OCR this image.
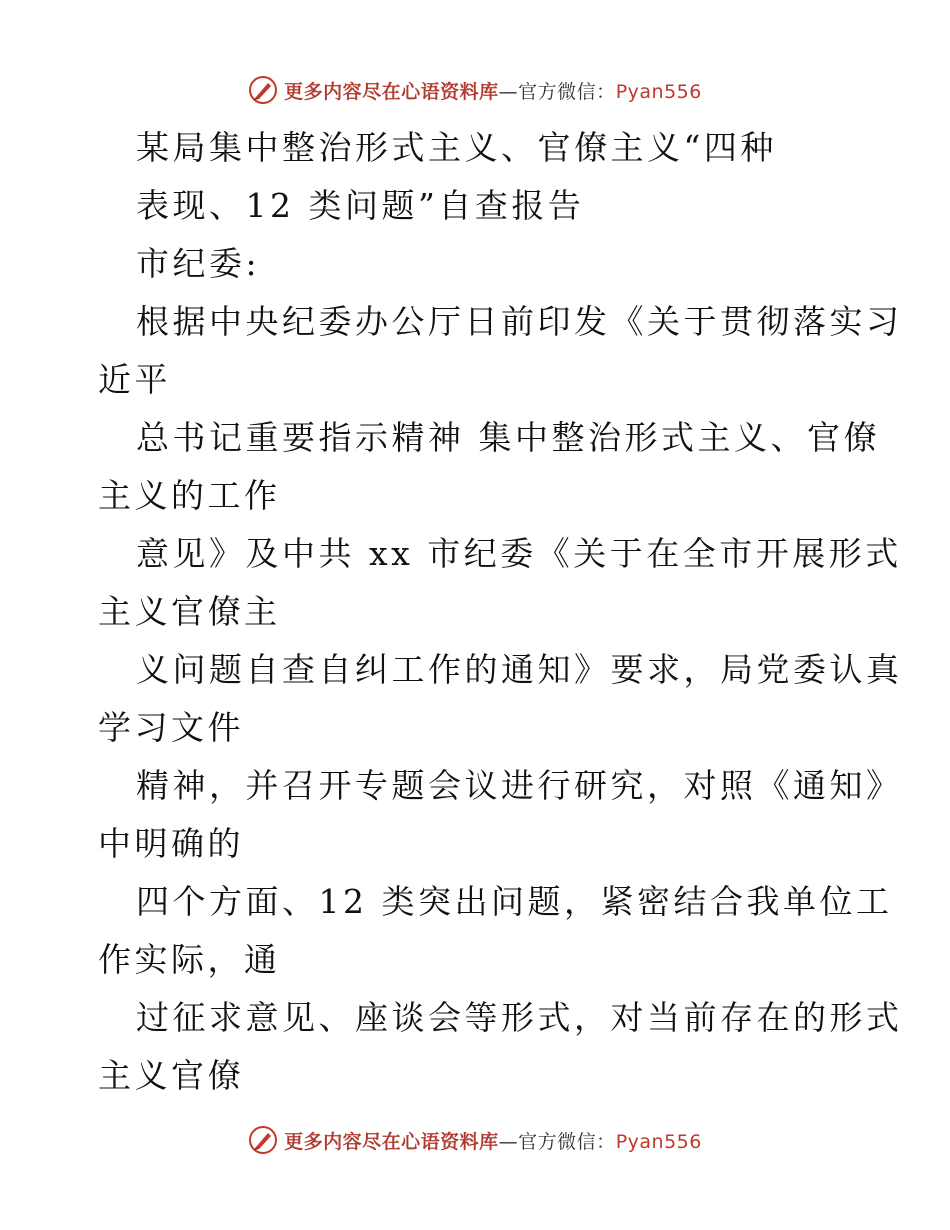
更多内容尽在心语资料库—官方微信：Pyan556
某局集中整治形式主义、官僚主义“四种
表现、12 类问题”自查报告
市纪委:
根据中央纪委办公厅日前印发《关于贯彻落实习
近平
总书记重要指示精神 集中整治形式主义、官僚
主义的工作
意见》及中共 xx 市纪委《关于在全市开展形式
主义官僚主
义问题自查自纠工作的通知》要求，局党委认真
学习文件
精神，并召开专题会议进行研究，对照《通知》
中明确的
四个方面、12 类突出问题，紧密结合我单位工
作实际，通
过征求意见、座谈会等形式，对当前存在的形式
主义官僚
更多内容尽在心语资料库—官方微信：Pyan556
